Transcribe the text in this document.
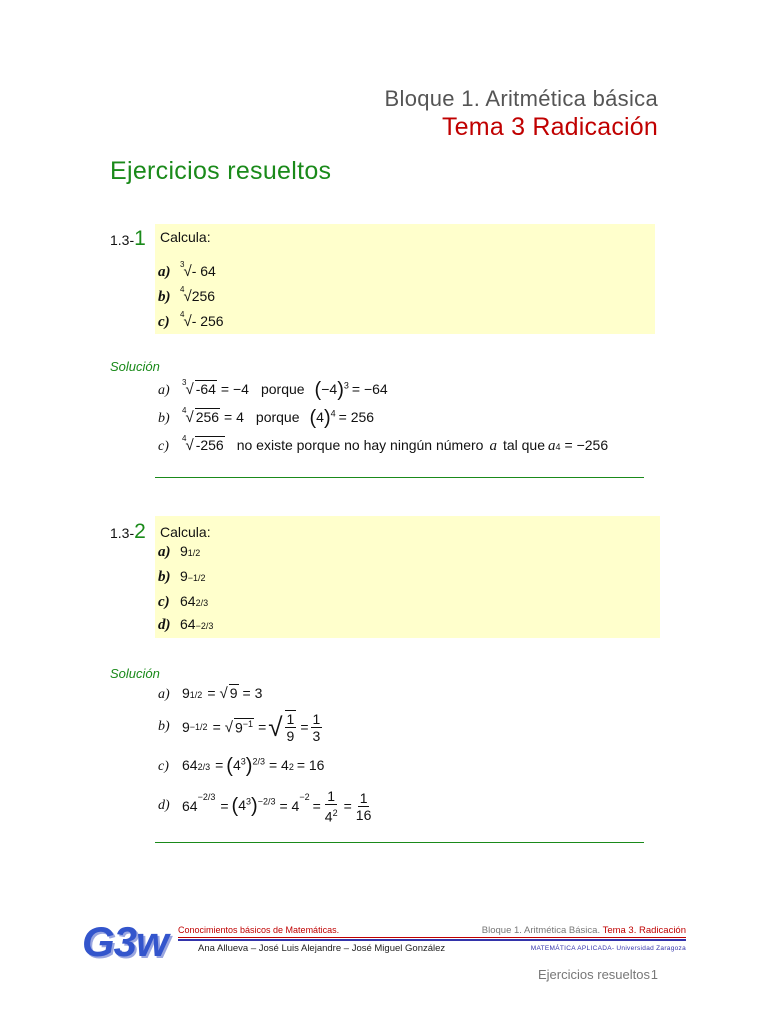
Bloque 1. Aritmética básica
Tema 3 Radicación
Ejercicios resueltos
1.3-1 Calcula:
a)	$^3$√- 64
b)	$^4$√256
c)	$^4$√- 256
Solución
a)
$^3$√ -64 = −4 porque $(-4)^3 = -64$
b)
$^4$√ 256 = 4 porque $(4)^4 = 256$
c)
$^4$√ -256 no existe porque no hay ningún número a tal que a 4 = −256
1.3-2 Calcula:
a) 9 1/2
b) 9 −1/2
c) 64 2/3
d) 64 −2/3
Solución
a) 9 1/2 = √ 9 = 3
b) 9 −1/2 = √ $9^{-1}$ = √ $\frac{1}{9} = \frac{1}{3}$
c) 64 $2/3 = (4^3)^{2/3} = 4$ 2 = 16
d) 64
$^{-2/3}$
= $(4^3)^{-2/3} = 4$
$^{-2}$
= $\frac{1}{4^2} = \frac{1}{16}$
G3w Conocimientos básicos de Matemáticas.	Bloque 1. Aritmética Básica. Tema 3. Radicación
Ana Allueva – José Luis Alejandre – José Miguel González	MATEMÁTICA APLICADA- Universidad Zaragoza
Ejercicios resueltos 1
